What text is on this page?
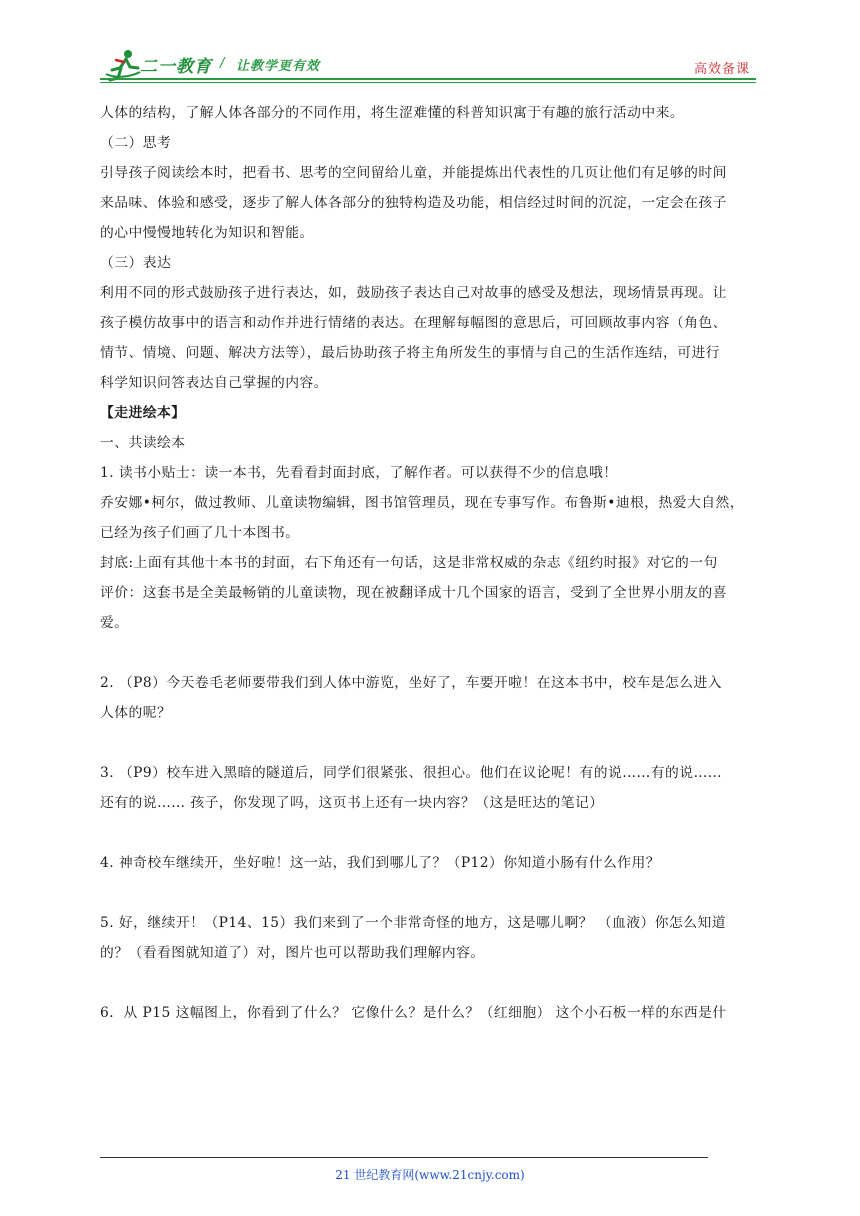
二一教育 / 让教学更有效	高效备课

人体的结构，了解人体各部分的不同作用，将生涩难懂的科普知识寓于有趣的旅行活动中来。

（二）思考

引导孩子阅读绘本时，把看书、思考的空间留给儿童，并能提炼出代表性的几页让他们有足够的时间

来品味、体验和感受，逐步了解人体各部分的独特构造及功能，相信经过时间的沉淀，一定会在孩子

的心中慢慢地转化为知识和智能。

（三）表达

利用不同的形式鼓励孩子进行表达，如，鼓励孩子表达自己对故事的感受及想法，现场情景再现。让

孩子模仿故事中的语言和动作并进行情绪的表达。在理解每幅图的意思后，可回顾故事内容（角色、

情节、情境、问题、解决方法等），最后协助孩子将主角所发生的事情与自己的生活作连结，可进行

科学知识问答表达自己掌握的内容。

【走进绘本】

一、共读绘本

1. 读书小贴士：读一本书，先看看封面封底，了解作者。可以获得不少的信息哦！

乔安娜•柯尔，做过教师、儿童读物编辑，图书馆管理员，现在专事写作。布鲁斯•迪根，热爱大自然，

已经为孩子们画了几十本图书。

封底:上面有其他十本书的封面，右下角还有一句话，这是非常权威的杂志《纽约时报》对它的一句

评价：这套书是全美最畅销的儿童读物，现在被翻译成十几个国家的语言，受到了全世界小朋友的喜

爱。

2. （P8）今天卷毛老师要带我们到人体中游览，坐好了，车要开啦！在这本书中，校车是怎么进入

人体的呢？

3. （P9）校车进入黑暗的隧道后，同学们很紧张、很担心。他们在议论呢！有的说……有的说……

还有的说…… 孩子，你发现了吗，这页书上还有一块内容？（这是旺达的笔记）

4. 神奇校车继续开，坐好啦！这一站，我们到哪儿了？（P12）你知道小肠有什么作用？

5. 好，继续开！（P14、15）我们来到了一个非常奇怪的地方，这是哪儿啊？ （血液）你怎么知道

的？（看看图就知道了）对，图片也可以帮助我们理解内容。

6．从 P15 这幅图上，你看到了什么？ 它像什么？是什么？（红细胞） 这个小石板一样的东西是什

21 世纪教育网(www.21cnjy.com)
